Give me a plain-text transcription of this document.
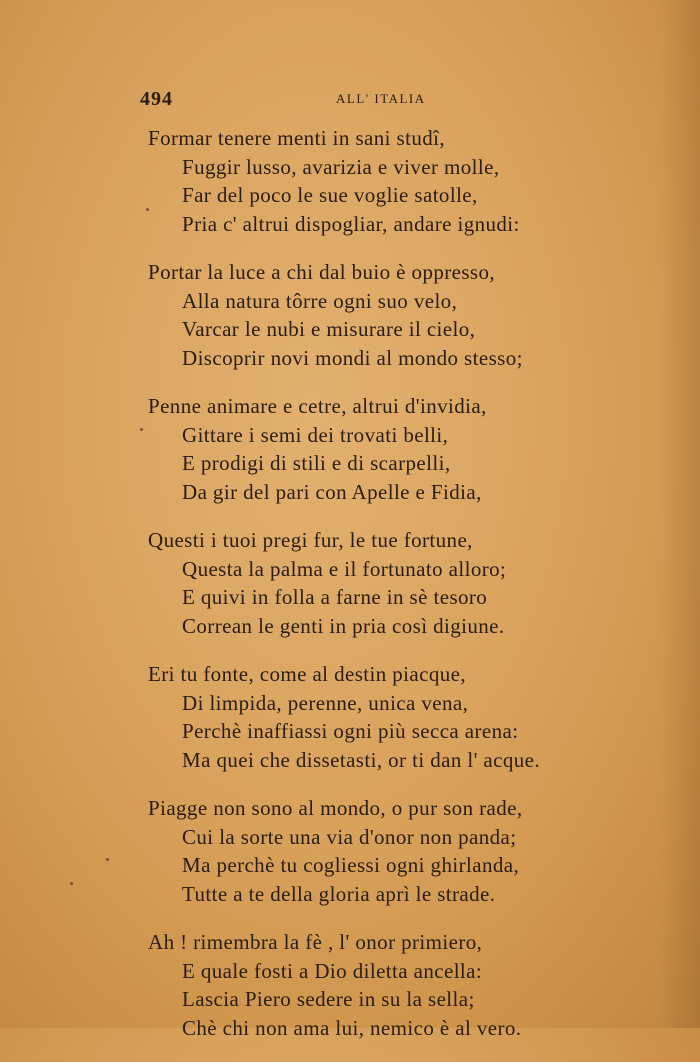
494	ALL' ITALIA
Formar tenere menti in sani studî,
Fuggir lusso, avarizia e viver molle,
Far del poco le sue voglie satolle,
Pria c' altrui dispogliar, andare ignudi:
Portar la luce a chi dal buio è oppresso,
Alla natura tôrre ogni suo velo,
Varcar le nubi e misurare il cielo,
Discoprir novi mondi al mondo stesso;
Penne animare e cetre, altrui d'invidia,
Gittare i semi dei trovati belli,
E prodigi di stili e di scarpelli,
Da gir del pari con Apelle e Fidia,
Questi i tuoi pregi fur, le tue fortune,
Questa la palma e il fortunato alloro;
E quivi in folla a farne in sè tesoro
Correan le genti in pria così digiune.
Eri tu fonte, come al destin piacque,
Di limpida, perenne, unica vena,
Perchè inaffiassi ogni più secca arena:
Ma quei che dissetasti, or ti dan l' acque.
Piagge non sono al mondo, o pur son rade,
Cui la sorte una via d'onor non panda;
Ma perchè tu cogliessi ogni ghirlanda,
Tutte a te della gloria aprì le strade.
Ah ! rimembra la fè , l' onor primiero,
E quale fosti a Dio diletta ancella:
Lascia Piero sedere in su la sella;
Chè chi non ama lui, nemico è al vero.
